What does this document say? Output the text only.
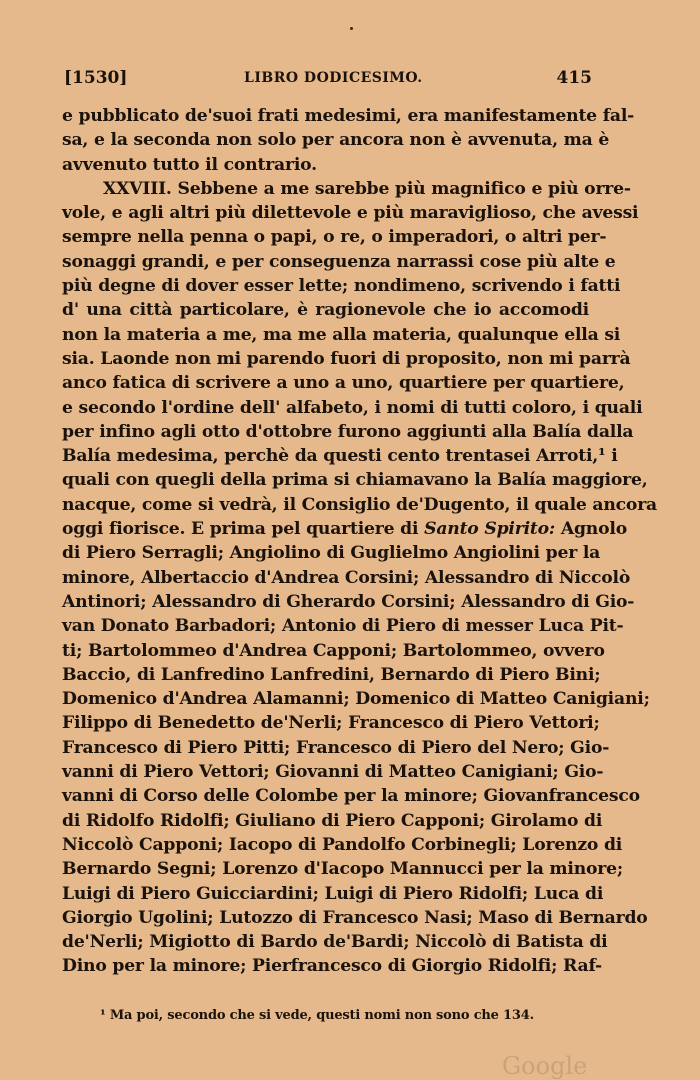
[1530]	LIBRO DODICESIMO.	415
e pubblicato de'suoi frati medesimi, era manifestamente fal-
sa, e la seconda non solo per ancora non è avvenuta, ma è
avvenuto tutto il contrario.
XXVIII. Sebbene a me sarebbe più magnifico e più orre-
vole, e agli altri più dilettevole e più maraviglioso, che avessi
sempre nella penna o papi, o re, o imperadori, o altri per-
sonaggi grandi, e per conseguenza narrassi cose più alte e
più degne di dover esser lette; nondimeno, scrivendo i fatti
d' una città particolare, è ragionevole che io accomodi
non la materia a me, ma me alla materia, qualunque ella si
sia. Laonde non mi parendo fuori di proposito, non mi parrà
anco fatica di scrivere a uno a uno, quartiere per quartiere,
e secondo l'ordine dell' alfabeto, i nomi di tutti coloro, i quali
per infino agli otto d'ottobre furono aggiunti alla Balía dalla
Balía medesima, perchè da questi cento trentasei Arroti,¹ i
quali con quegli della prima si chiamavano la Balía maggiore,
nacque, come si vedrà, il Consiglio de'Dugento, il quale ancora
oggi fiorisce. E prima pel quartiere di Santo Spirito: Agnolo
di Piero Serragli; Angiolino di Guglielmo Angiolini per la
minore, Albertaccio d'Andrea Corsini; Alessandro di Niccolò
Antinori; Alessandro di Gherardo Corsini; Alessandro di Gio-
van Donato Barbadori; Antonio di Piero di messer Luca Pit-
ti; Bartolommeo d'Andrea Capponi; Bartolommeo, ovvero
Baccio, di Lanfredino Lanfredini, Bernardo di Piero Bini;
Domenico d'Andrea Alamanni; Domenico di Matteo Canigiani;
Filippo di Benedetto de'Nerli; Francesco di Piero Vettori;
Francesco di Piero Pitti; Francesco di Piero del Nero; Gio-
vanni di Piero Vettori; Giovanni di Matteo Canigiani; Gio-
vanni di Corso delle Colombe per la minore; Giovanfrancesco
di Ridolfo Ridolfi; Giuliano di Piero Capponi; Girolamo di
Niccolò Capponi; Iacopo di Pandolfo Corbinegli; Lorenzo di
Bernardo Segni; Lorenzo d'Iacopo Mannucci per la minore;
Luigi di Piero Guicciardini; Luigi di Piero Ridolfi; Luca di
Giorgio Ugolini; Lutozzo di Francesco Nasi; Maso di Bernardo
de'Nerli; Migiotto di Bardo de'Bardi; Niccolò di Batista di
Dino per la minore; Pierfrancesco di Giorgio Ridolfi; Raf-
¹ Ma poi, secondo che si vede, questi nomi non sono che 134.
Google
